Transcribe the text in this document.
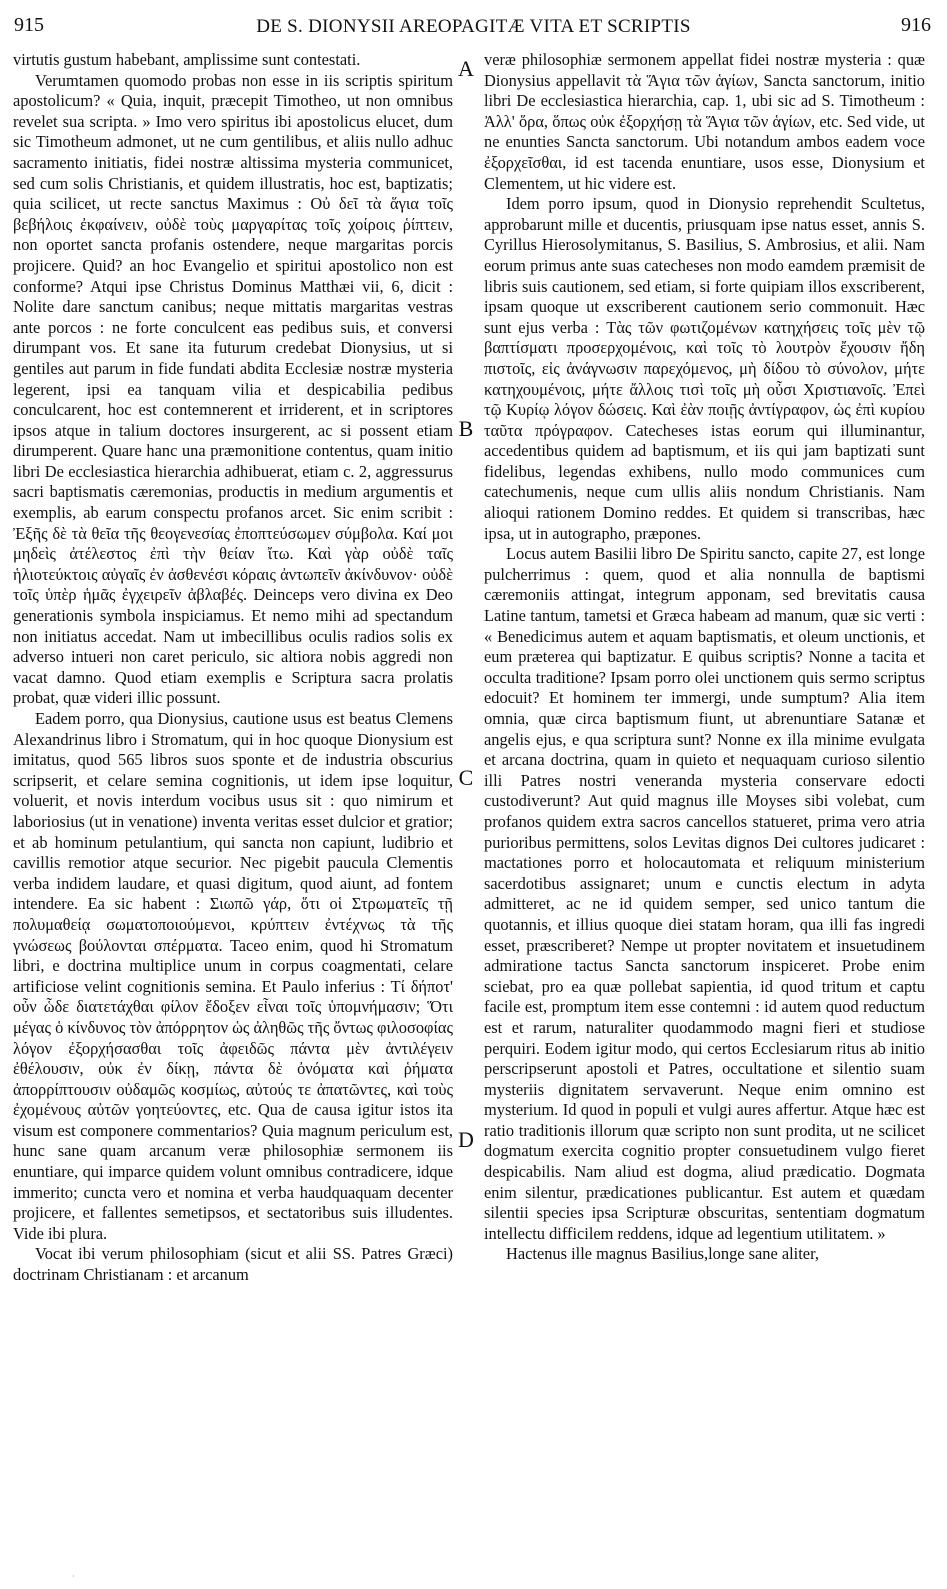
915	DE S. DIONYSII AREOPAGITÆ VITA ET SCRIPTIS	916
A
B
C
D

virtutis gustum habebant, amplissime sunt contestati.

Verumtamen quomodo probas non esse in iis scriptis spiritum apostolicum? « Quia, inquit, præcepit Timotheo, ut non omnibus revelet sua scripta. » Imo vero spiritus ibi apostolicus elucet, dum sic Timotheum admonet, ut ne cum gentilibus, et aliis nullo adhuc sacramento initiatis, fidei nostræ altissima mysteria communicet, sed cum solis Christianis, et quidem illustratis, hoc est, baptizatis; quia scilicet, ut recte sanctus Maximus : Οὐ δεῖ τὰ ἅγια τοῖς βεβήλοις ἐκφαίνειν, οὐδὲ τοὺς μαργαρίτας τοῖς χοίροις ῥίπτειν, non oportet sancta profanis ostendere, neque margaritas porcis projicere. Quid? an hoc Evangelio et spiritui apostolico non est conforme? Atqui ipse Christus Dominus Matthæi vii, 6, dicit : Nolite dare sanctum canibus; neque mittatis margaritas vestras ante porcos : ne forte conculcent eas pedibus suis, et conversi dirumpant vos. Et sane ita futurum credebat Dionysius, ut si gentiles aut parum in fide fundati abdita Ecclesiæ nostræ mysteria legerent, ipsi ea tanquam vilia et despicabilia pedibus conculcarent, hoc est contemnerent et irriderent, et in scriptores ipsos atque in talium doctores insurgerent, ac si possent etiam dirumperent. Quare hanc una præmonitione contentus, quam initio libri De ecclesiastica hierarchia adhibuerat, etiam c. 2, aggressurus sacri baptismatis cæremonias, productis in medium argumentis et exemplis, ab earum conspectu profanos arcet. Sic enim scribit : Ἐξῆς δὲ τὰ θεῖα τῆς θεογενεσίας ἐποπτεύσωμεν σύμβολα. Καί μοι μηδεὶς ἀτέλεστος ἐπὶ τὴν θείαν ἴτω. Καὶ γὰρ οὐδὲ ταῖς ἡλιοτεύκτοις αὐγαῖς ἐν ἀσθενέσι κόραις ἀντωπεῖν ἀκίνδυνον· οὐδὲ τοῖς ὑπὲρ ἡμᾶς ἐγχειρεῖν ἀβλαβές. Deinceps vero divina ex Deo generationis symbola inspiciamus. Et nemo mihi ad spectandum non initiatus accedat. Nam ut imbecillibus oculis radios solis ex adverso intueri non caret periculo, sic altiora nobis aggredi non vacat damno. Quod etiam exemplis e Scriptura sacra prolatis probat, quæ videri illic possunt.

Eadem porro, qua Dionysius, cautione usus est beatus Clemens Alexandrinus libro i Stromatum, qui in hoc quoque Dionysium est imitatus, quod 565 libros suos sponte et de industria obscurius scripserit, et celare semina cognitionis, ut idem ipse loquitur, voluerit, et novis interdum vocibus usus sit : quo nimirum et laboriosius (ut in venatione) inventa veritas esset dulcior et gratior; et ab hominum petulantium, qui sancta non capiunt, ludibrio et cavillis remotior atque securior. Nec pigebit paucula Clementis verba indidem laudare, et quasi digitum, quod aiunt, ad fontem intendere. Ea sic habent : Σιωπῶ γάρ, ὅτι οἱ Στρωματεῖς τῇ πολυμαθείᾳ σωματοποιούμενοι, κρύπτειν ἐντέχνως τὰ τῆς γνώσεως βούλονται σπέρματα. Taceo enim, quod hi Stromatum libri, e doctrina multiplice unum in corpus coagmentati, celare artificiose velint cognitionis semina. Et Paulo inferius : Τί δήποτ' οὖν ὧδε διατετάχθαι φίλον ἔδοξεν εἶναι τοῖς ὑπομνήμασιν; Ὅτι μέγας ὁ κίνδυνος τὸν ἀπόρρητον ὡς ἀληθῶς τῆς ὄντως φιλοσοφίας λόγον ἐξορχήσασθαι τοῖς ἀφειδῶς πάντα μὲν ἀντιλέγειν ἐθέλουσιν, οὐκ ἐν δίκῃ, πάντα δὲ ὀνόματα καὶ ῥήματα ἀπορρίπτουσιν οὐδαμῶς κοσμίως, αὐτούς τε ἀπατῶντες, καὶ τοὺς ἐχομένους αὐτῶν γοητεύοντες, etc. Qua de causa igitur istos ita visum est componere commentarios? Quia magnum periculum est, hunc sane quam arcanum veræ philosophiæ sermonem iis enuntiare, qui imparce quidem volunt omnibus contradicere, idque immerito; cuncta vero et nomina et verba haudquaquam decenter projicere, et fallentes semetipsos, et sectatoribus suis illudentes. Vide ibi plura.

Vocat ibi verum philosophiam (sicut et alii SS. Patres Græci) doctrinam Christianam : et arcanum

veræ philosophiæ sermonem appellat fidei nostræ mysteria : quæ Dionysius appellavit τὰ Ἅγια τῶν ἁγίων, Sancta sanctorum, initio libri De ecclesiastica hierarchia, cap. 1, ubi sic ad S. Timotheum : Ἀλλ' ὅρα, ὅπως οὐκ ἐξορχήσῃ τὰ Ἅγια τῶν ἁγίων, etc. Sed vide, ut ne enunties Sancta sanctorum. Ubi notandum ambos eadem voce ἐξορχεῖσθαι, id est tacenda enuntiare, usos esse, Dionysium et Clementem, ut hic videre est.

Idem porro ipsum, quod in Dionysio reprehendit Scultetus, approbarunt mille et ducentis, priusquam ipse natus esset, annis S. Cyrillus Hierosolymitanus, S. Basilius, S. Ambrosius, et alii. Nam eorum primus ante suas catecheses non modo eamdem præmisit de libris suis cautionem, sed etiam, si forte quipiam illos exscriberent, ipsam quoque ut exscriberent cautionem serio commonuit. Hæc sunt ejus verba : Τὰς τῶν φωτιζομένων κατηχήσεις τοῖς μὲν τῷ βαπτίσματι προσερχομένοις, καὶ τοῖς τὸ λουτρὸν ἔχουσιν ἤδη πιστοῖς, εἰς ἀνάγνωσιν παρεχόμενος, μὴ δίδου τὸ σύνολον, μήτε κατηχουμένοις, μήτε ἄλλοις τισὶ τοῖς μὴ οὖσι Χριστιανοῖς. Ἐπεὶ τῷ Κυρίῳ λόγον δώσεις. Καὶ ἐὰν ποιῇς ἀντίγραφον, ὡς ἐπὶ κυρίου ταῦτα πρόγραφον. Catecheses istas eorum qui illuminantur, accedentibus quidem ad baptismum, et iis qui jam baptizati sunt fidelibus, legendas exhibens, nullo modo communices cum catechumenis, neque cum ullis aliis nondum Christianis. Nam alioqui rationem Domino reddes. Et quidem si transcribas, hæc ipsa, ut in autographo, præpones.

Locus autem Basilii libro De Spiritu sancto, capite 27, est longe pulcherrimus : quem, quod et alia nonnulla de baptismi cæremoniis attingat, integrum apponam, sed brevitatis causa Latine tantum, tametsi et Græca habeam ad manum, quæ sic verti : « Benedicimus autem et aquam baptismatis, et oleum unctionis, et eum præterea qui baptizatur. E quibus scriptis? Nonne a tacita et occulta traditione? Ipsam porro olei unctionem quis sermo scriptus edocuit? Et hominem ter immergi, unde sumptum? Alia item omnia, quæ circa baptismum fiunt, ut abrenuntiare Satanæ et angelis ejus, e qua scriptura sunt? Nonne ex illa minime evulgata et arcana doctrina, quam in quieto et nequaquam curioso silentio illi Patres nostri veneranda mysteria conservare edocti custodiverunt? Aut quid magnus ille Moyses sibi volebat, cum profanos quidem extra sacros cancellos statueret, prima vero atria purioribus permittens, solos Levitas dignos Dei cultores judicaret : mactationes porro et holocautomata et reliquum ministerium sacerdotibus assignaret; unum e cunctis electum in adyta admitteret, ac ne id quidem semper, sed unico tantum die quotannis, et illius quoque diei statam horam, qua illi fas ingredi esset, præscriberet? Nempe ut propter novitatem et insuetudinem admiratione tactus Sancta sanctorum inspiceret. Probe enim sciebat, pro ea quæ pollebat sapientia, id quod tritum et captu facile est, promptum item esse contemni : id autem quod reductum est et rarum, naturaliter quodammodo magni fieri et studiose perquiri. Eodem igitur modo, qui certos Ecclesiarum ritus ab initio perscripserunt apostoli et Patres, occultatione et silentio suam mysteriis dignitatem servaverunt. Neque enim omnino est mysterium. Id quod in populi et vulgi aures affertur. Atque hæc est ratio traditionis illorum quæ scripto non sunt prodita, ut ne scilicet dogmatum exercita cognitio propter consuetudinem vulgo fieret despicabilis. Nam aliud est dogma, aliud prædicatio. Dogmata enim silentur, prædicationes publicantur. Est autem et quædam silentii species ipsa Scripturæ obscuritas, sententiam dogmatum intellectu difficilem reddens, idque ad legentium utilitatem. »

Hactenus ille magnus Basilius,longe sane aliter,

·
